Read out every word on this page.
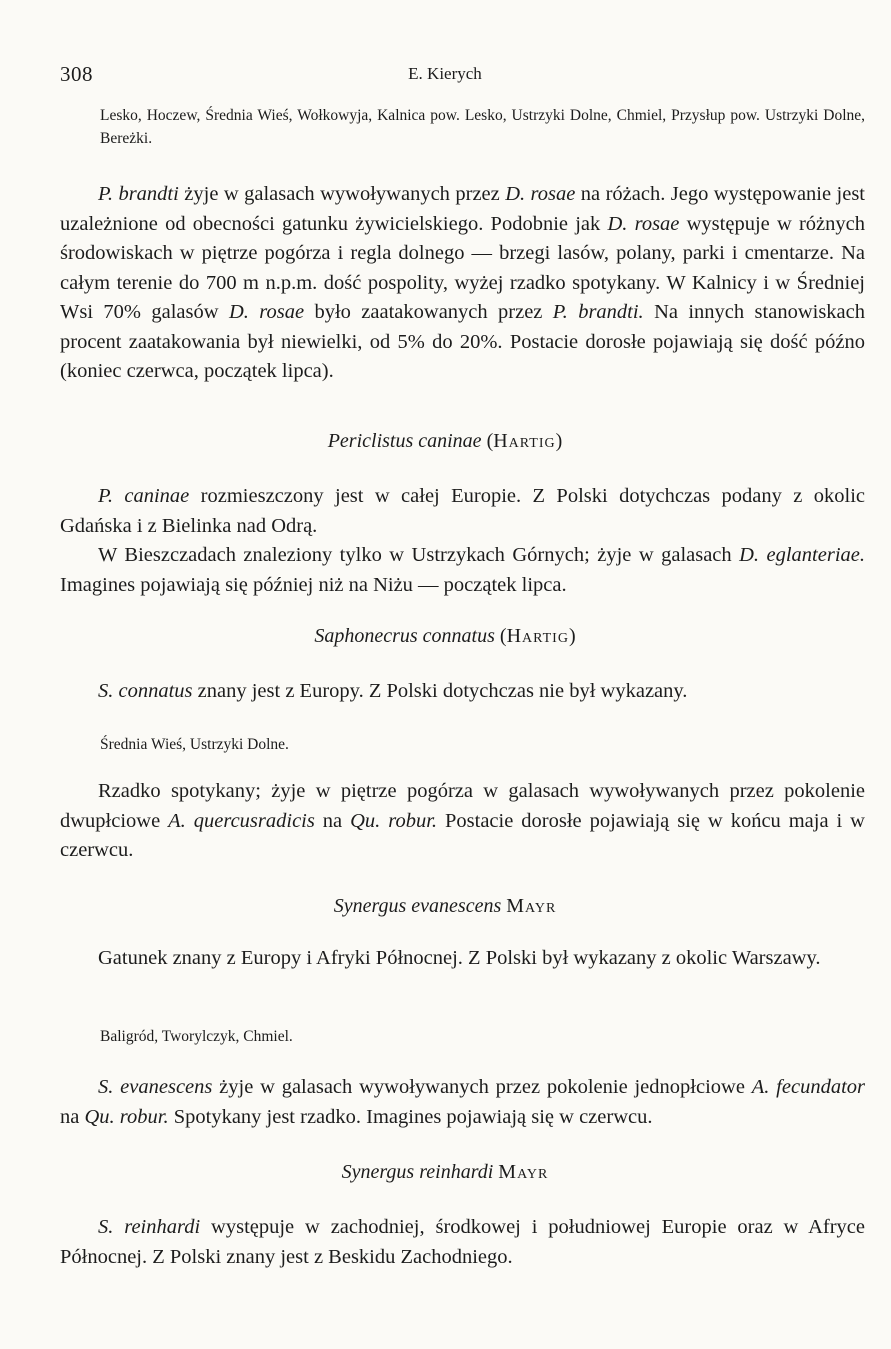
308	E. Kierych

Lesko, Hoczew, Średnia Wieś, Wołkowyja, Kalnica pow. Lesko, Ustrzyki Dolne, Chmiel, Przysłup pow. Ustrzyki Dolne, Bereżki.

P. brandti żyje w galasach wywoływanych przez D. rosae na różach. Jego występowanie jest uzależnione od obecności gatunku żywicielskiego. Podobnie jak D. rosae występuje w różnych środowiskach w piętrze pogórza i regla dolnego — brzegi lasów, polany, parki i cmentarze. Na całym terenie do 700 m n.p.m. dość pospolity, wyżej rzadko spotykany. W Kalnicy i w Średniej Wsi 70% galasów D. rosae było zaatakowanych przez P. brandti. Na innych stanowiskach procent zaatakowania był niewielki, od 5% do 20%. Postacie dorosłe pojawiają się dość późno (koniec czerwca, początek lipca).

Periclistus caninae (Hartig)

P. caninae rozmieszczony jest w całej Europie. Z Polski dotychczas podany z okolic Gdańska i z Bielinka nad Odrą.

W Bieszczadach znaleziony tylko w Ustrzykach Górnych; żyje w galasach D. eglanteriae. Imagines pojawiają się później niż na Niżu — początek lipca.

Saphonecrus connatus (Hartig)

S. connatus znany jest z Europy. Z Polski dotychczas nie był wykazany.

Średnia Wieś, Ustrzyki Dolne.

Rzadko spotykany; żyje w piętrze pogórza w galasach wywoływanych przez pokolenie dwupłciowe A. quercusradicis na Qu. robur. Postacie dorosłe pojawiają się w końcu maja i w czerwcu.

Synergus evanescens Mayr

Gatunek znany z Europy i Afryki Północnej. Z Polski był wykazany z okolic Warszawy.

Baligród, Tworylczyk, Chmiel.

S. evanescens żyje w galasach wywoływanych przez pokolenie jednopłciowe A. fecundator na Qu. robur. Spotykany jest rzadko. Imagines pojawiają się w czerwcu.

Synergus reinhardi Mayr

S. reinhardi występuje w zachodniej, środkowej i południowej Europie oraz w Afryce Północnej. Z Polski znany jest z Beskidu Zachodniego.
